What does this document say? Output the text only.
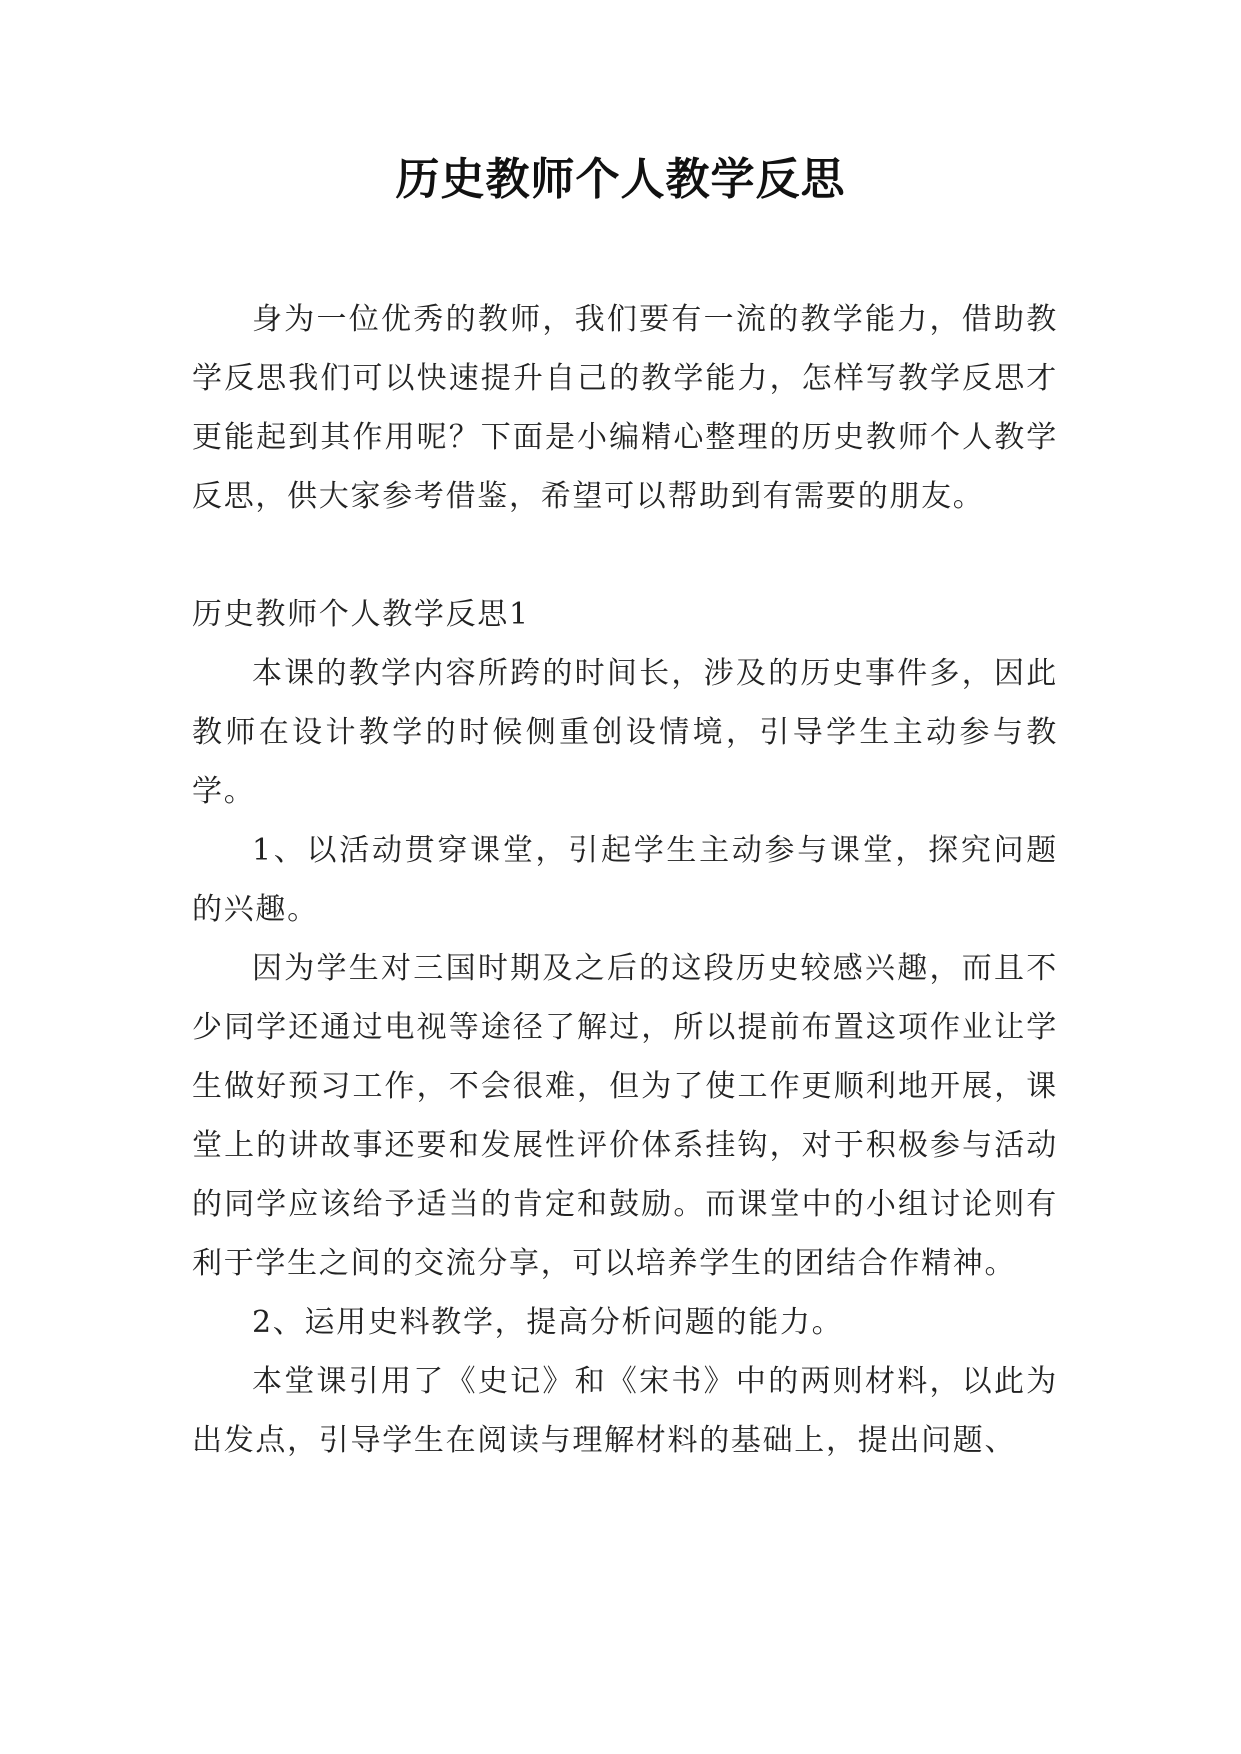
历史教师个人教学反思

身为一位优秀的教师，我们要有一流的教学能力，借助教学反思我们可以快速提升自己的教学能力，怎样写教学反思才更能起到其作用呢？下面是小编精心整理的历史教师个人教学反思，供大家参考借鉴，希望可以帮助到有需要的朋友。

历史教师个人教学反思1

本课的教学内容所跨的时间长，涉及的历史事件多，因此教师在设计教学的时候侧重创设情境，引导学生主动参与教学。

1、以活动贯穿课堂，引起学生主动参与课堂，探究问题的兴趣。

因为学生对三国时期及之后的这段历史较感兴趣，而且不少同学还通过电视等途径了解过，所以提前布置这项作业让学生做好预习工作，不会很难，但为了使工作更顺利地开展，课堂上的讲故事还要和发展性评价体系挂钩，对于积极参与活动的同学应该给予适当的肯定和鼓励。而课堂中的小组讨论则有利于学生之间的交流分享，可以培养学生的团结合作精神。

2、运用史料教学，提高分析问题的能力。

本堂课引用了《史记》和《宋书》中的两则材料，以此为出发点，引导学生在阅读与理解材料的基础上，提出问题、
